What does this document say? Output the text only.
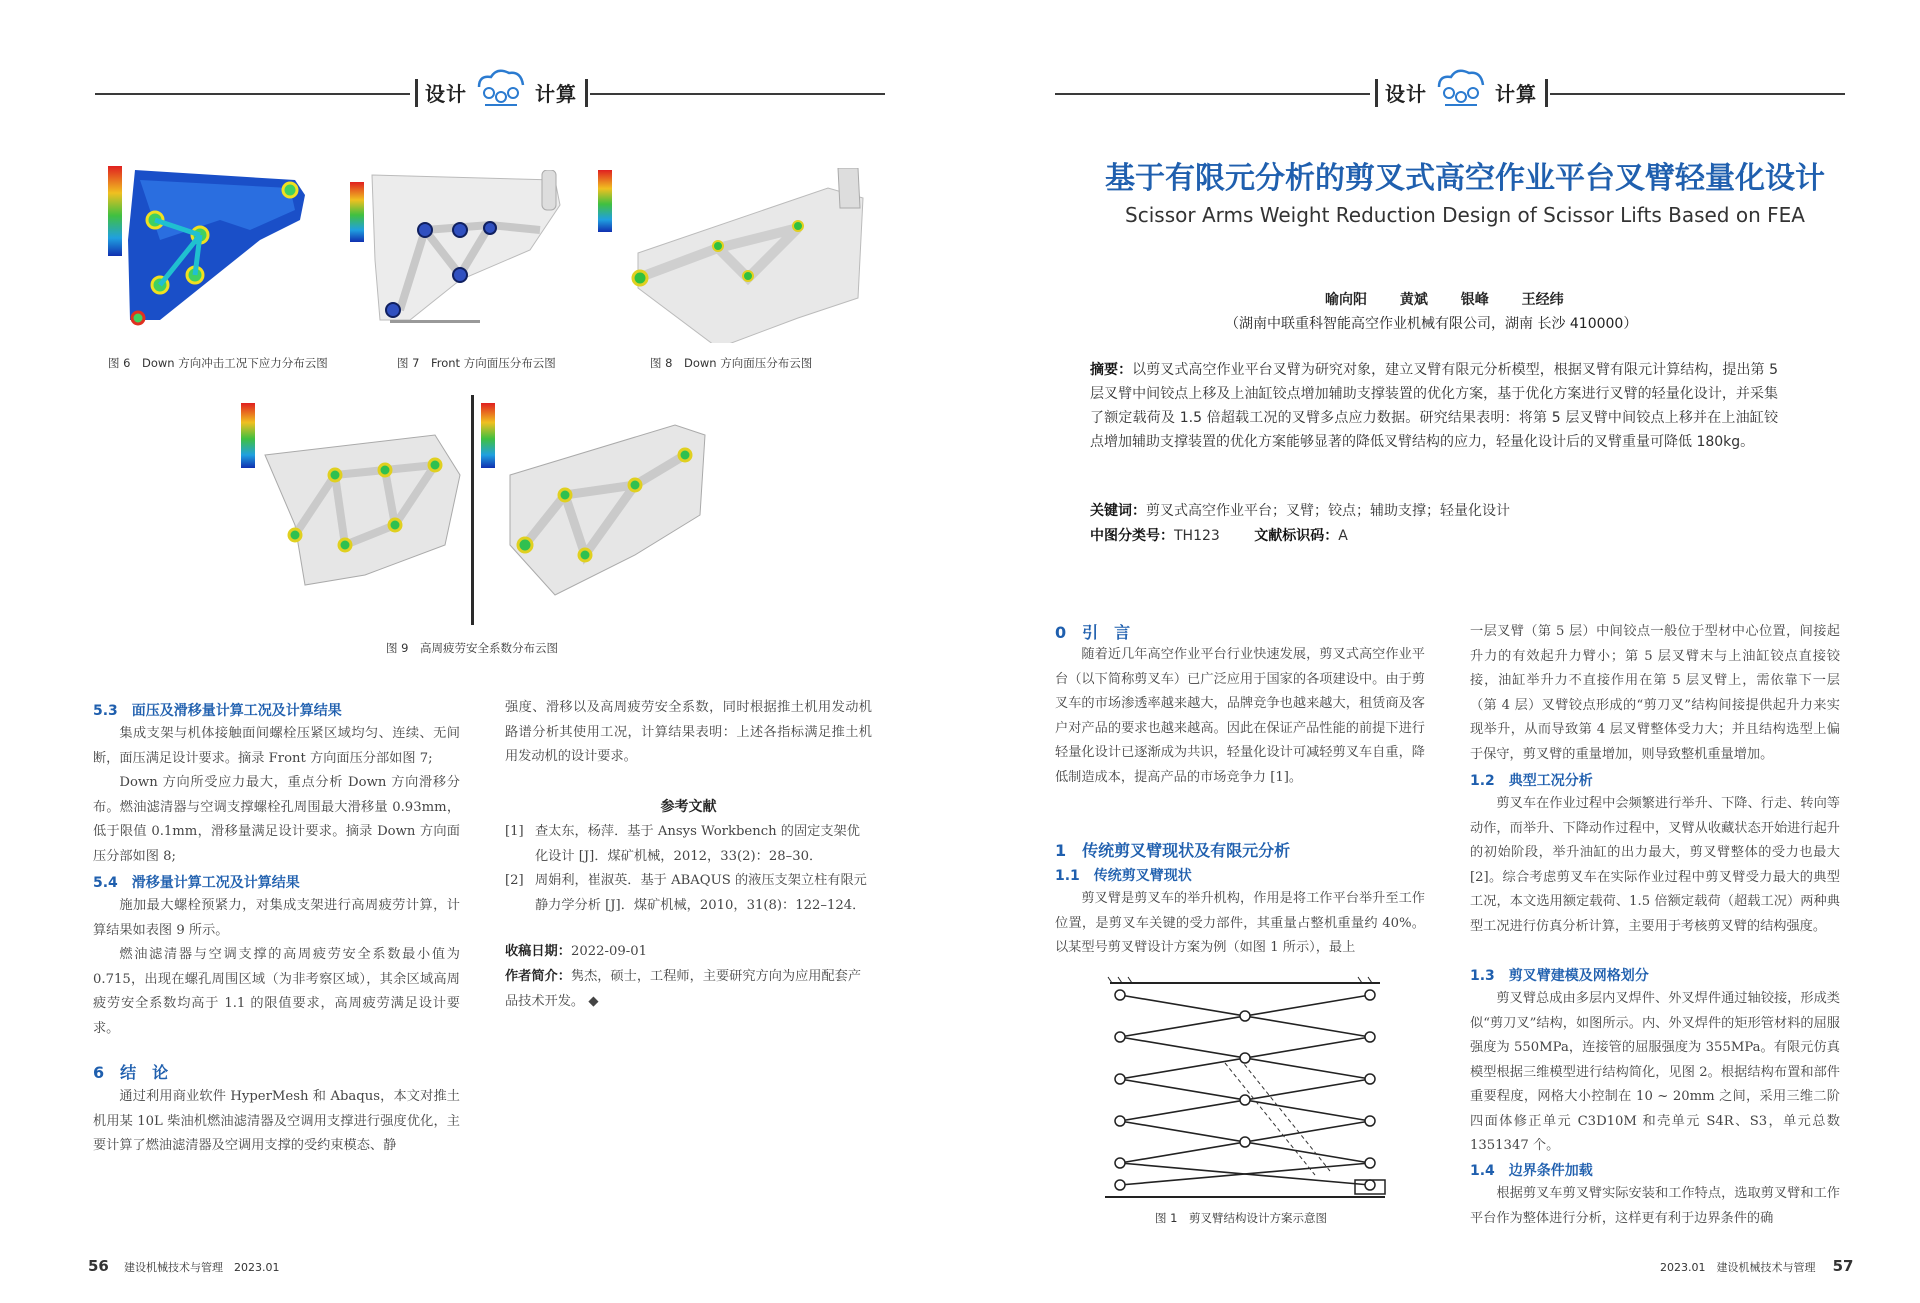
设计	计算
图 6　Down 方向冲击工况下应力分布云图	图 7　Front 方向面压分布云图	图 8　Down 方向面压分布云图
图 9　高周疲劳安全系数分布云图
5.3　面压及滑移量计算工况及计算结果

集成支架与机体接触面间螺栓压紧区域均匀、连续、无间断，面压满足设计要求。摘录 Front 方向面压分部如图 7;

Down 方向所受应力最大，重点分析 Down 方向滑移分布。燃油滤清器与空调支撑螺栓孔周围最大滑移量 0.93mm，低于限值 0.1mm，滑移量满足设计要求。摘录 Down 方向面压分部如图 8;

5.4　滑移量计算工况及计算结果

施加最大螺栓预紧力，对集成支架进行高周疲劳计算，计算结果如表图 9 所示。

燃油滤清器与空调支撑的高周疲劳安全系数最小值为 0.715，出现在螺孔周围区域（为非考察区域），其余区域高周疲劳安全系数均高于 1.1 的限值要求，高周疲劳满足设计要求。

6　结　论

通过利用商业软件 HyperMesh 和 Abaqus，本文对推土机用某 10L 柴油机燃油滤清器及空调用支撑进行强度优化，主要计算了燃油滤清器及空调用支撑的受约束模态、静

强度、滑移以及高周疲劳安全系数，同时根据推土机用发动机路谱分析其使用工况，计算结果表明：上述各指标满足推土机用发动机的设计要求。

参考文献
[1] 查太东，杨萍．基于 Ansys Workbench 的固定支架优化设计 [J]．煤矿机械，2012，33(2)：28–30．
[2] 周娟利，崔淑英．基于 ABAQUS 的液压支架立柱有限元静力学分析 [J]．煤矿机械，2010，31(8)：122–124．
收稿日期：2022-09-01
作者简介：隽杰，硕士，工程师，主要研究方向为应用配套产品技术开发。 ◆
56 建设机械技术与管理　2023.01
设计	计算
基于有限元分析的剪叉式高空作业平台叉臂轻量化设计
Scissor Arms Weight Reduction Design of Scissor Lifts Based on FEA
喻向阳 黄斌 银峰 王经纬
（湖南中联重科智能高空作业机械有限公司，湖南 长沙 410000）
摘要：以剪叉式高空作业平台叉臂为研究对象，建立叉臂有限元分析模型，根据叉臂有限元计算结构，提出第 5 层叉臂中间铰点上移及上油缸铰点增加辅助支撑装置的优化方案，基于优化方案进行叉臂的轻量化设计，并采集了额定载荷及 1.5 倍超载工况的叉臂多点应力数据。研究结果表明：将第 5 层叉臂中间铰点上移并在上油缸铰点增加辅助支撑装置的优化方案能够显著的降低叉臂结构的应力，轻量化设计后的叉臂重量可降低 180kg。
关键词：剪叉式高空作业平台；叉臂；铰点；辅助支撑；轻量化设计
中图分类号：TH123 文献标识码：A
0　引　言

随着近几年高空作业平台行业快速发展，剪叉式高空作业平台（以下简称剪叉车）已广泛应用于国家的各项建设中。由于剪叉车的市场渗透率越来越大，品牌竞争也越来越大，租赁商及客户对产品的要求也越来越高。因此在保证产品性能的前提下进行轻量化设计已逐渐成为共识，轻量化设计可减轻剪叉车自重，降低制造成本，提高产品的市场竞争力 [1]。

1　传统剪叉臂现状及有限元分析
1.1　传统剪叉臂现状

剪叉臂是剪叉车的举升机构，作用是将工作平台举升至工作位置，是剪叉车关键的受力部件，其重量占整机重量约 40%。以某型号剪叉臂设计方案为例（如图 1 所示），最上

图 1　剪叉臂结构设计方案示意图

一层叉臂（第 5 层）中间铰点一般位于型材中心位置，间接起升力的有效起升力臂小；第 5 层叉臂末与上油缸铰点直接铰接，油缸举升力不直接作用在第 5 层叉臂上，需依靠下一层（第 4 层）叉臂铰点形成的“剪刀叉”结构间接提供起升力来实现举升，从而导致第 4 层叉臂整体受力大；并且结构选型上偏于保守，剪叉臂的重量增加，则导致整机重量增加。

1.2　典型工况分析

剪叉车在作业过程中会频繁进行举升、下降、行走、转向等动作，而举升、下降动作过程中，叉臂从收藏状态开始进行起升的初始阶段，举升油缸的出力最大，剪叉臂整体的受力也最大 [2]。综合考虑剪叉车在实际作业过程中剪叉臂受力最大的典型工况，本文选用额定载荷、1.5 倍额定载荷（超载工况）两种典型工况进行仿真分析计算，主要用于考核剪叉臂的结构强度。

1.3　剪叉臂建模及网格划分

剪叉臂总成由多层内叉焊件、外叉焊件通过轴铰接，形成类似“剪刀叉”结构，如图所示。内、外叉焊件的矩形管材料的屈服强度为 550MPa，连接管的屈服强度为 355MPa。有限元仿真模型根据三维模型进行结构简化，见图 2。根据结构布置和部件重要程度，网格大小控制在 10 ~ 20mm 之间，采用三维二阶四面体修正单元 C3D10M 和壳单元 S4R、S3，单元总数 1351347 个。

1.4　边界条件加载

根据剪叉车剪叉臂实际安装和工作特点，选取剪叉臂和工作平台作为整体进行分析，这样更有利于边界条件的确

2023.01　建设机械技术与管理 57
